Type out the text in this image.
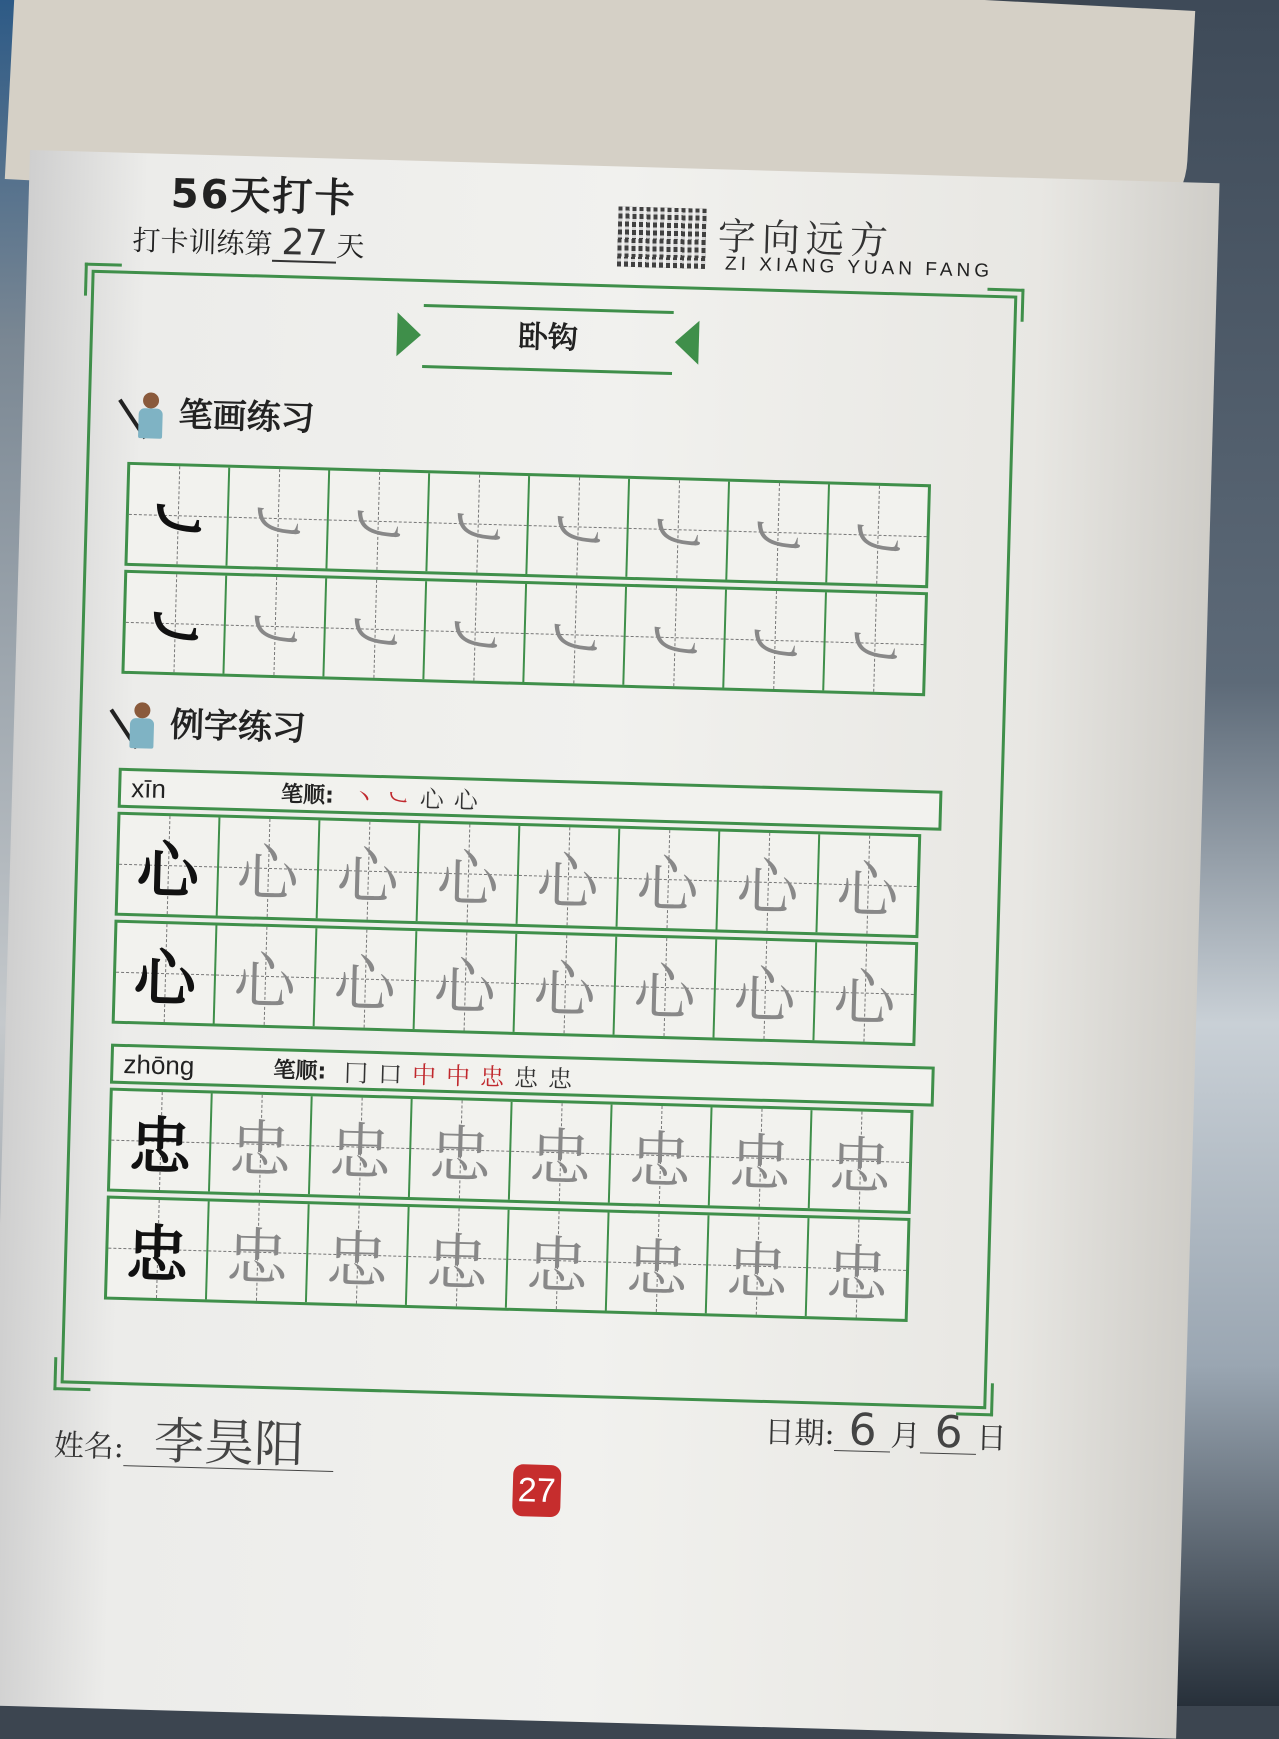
56天打卡
打卡训练第 27 天	字向远方
ZI XIANG YUAN FANG
卧钩
笔画练习
㇃ ㇃ ㇃ ㇃ ㇃ ㇃ ㇃ ㇃
㇃ ㇃ ㇃ ㇃ ㇃ ㇃ ㇃ ㇃
例字练习
xīn	笔顺: 丶㇃心心
心 心 心 心 心 心 心 心
心 心 心 心 心 心 心 心
zhōng	笔顺: 冂口中中忠忠忠
忠 忠 忠 忠 忠 忠 忠 忠
忠 忠 忠 忠 忠 忠 忠 忠
姓名: 李昊阳
27
日期: 6 月 6 日
